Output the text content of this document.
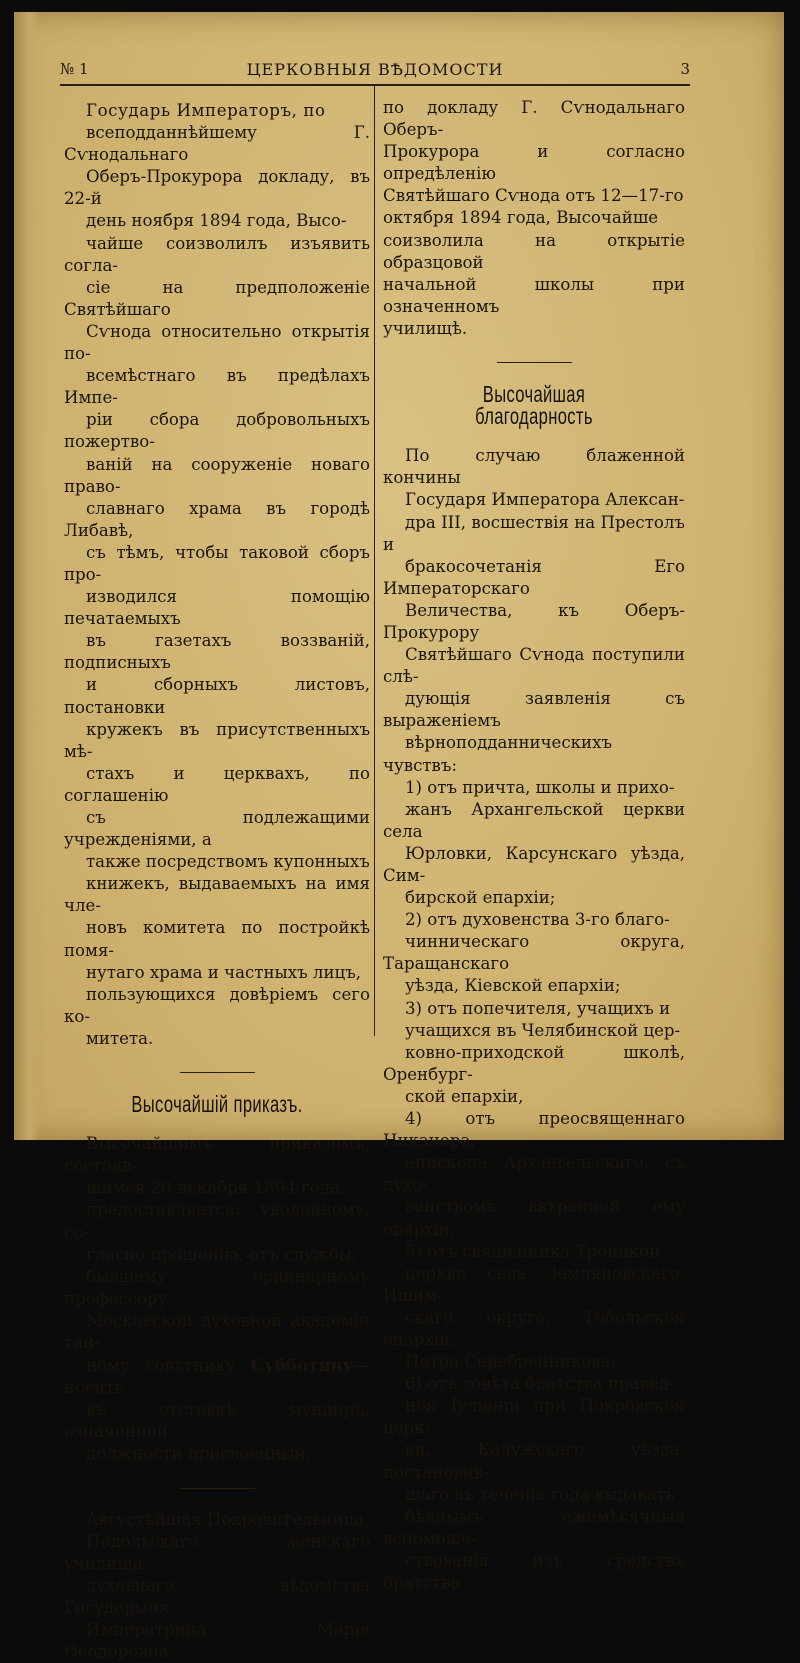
№ 1	ЦЕРКОВНЫЯ ВѢДОМОСТИ	3

Государь Императоръ, по
всеподданнѣйшему Г. Сѵнодальнаго
Оберъ-Прокурора докладу, въ 22-й
день ноября 1894 года, Высо-
чайше соизволилъ изъявить согла-
сіе на предположеніе Святѣйшаго
Сѵнода относительно открытія по-
всемѣстнаго въ предѣлахъ Импе-
ріи сбора добровольныхъ пожертво-
ваній на сооруженіе новаго право-
славнаго храма въ городѣ Либавѣ,
съ тѣмъ, чтобы таковой сборъ про-
изводился помощію печатаемыхъ
въ газетахъ воззваній, подписныхъ
и сборныхъ листовъ, постановки
кружекъ въ присутственныхъ мѣ-
стахъ и церквахъ, по соглашенію
съ подлежащими учрежденіями, а
также посредствомъ купонныхъ
книжекъ, выдаваемыхъ на имя чле-
новъ комитета по постройкѣ помя-
нутаго храма и частныхъ лицъ,
пользующихся довѣріемъ сего ко-
митета.

Высочайшій приказъ.

Высочайшимъ приказомъ, состояв-
шимся 20 декабря 1894 года,
предоставляется: уволенному, со-
гласно прошенію, отъ службы,
бывшему ординарному профессору
Московской духовной академіи тай-
ному совѣтнику Субботину—носить
въ отставкѣ мундиръ, означенной
должности присвоенный.

Августѣйшая Покровительница
Подольскаго женскаго училища
духовнаго вѣдомства Государыня
Императрица Марія Ѳеодоровна,

по докладу Г. Сѵнодальнаго Оберъ-
Прокурора и согласно опредѣленію
Святѣйшаго Сѵнода отъ 12—17-го
октября 1894 года, Высочайше
соизволила на открытіе образцовой
начальной школы при означенномъ
училищѣ.

Высочайшая благодарность

По случаю блаженной кончины
Государя Императора Алексан-
дра III, восшествія на Престолъ и
бракосочетанія Его Императорскаго
Величества, къ Оберъ-Прокурору
Святѣйшаго Сѵнода поступили слѣ-
дующія заявленія съ выраженіемъ
вѣрноподданническихъ чувствъ:
1) отъ причта, школы и прихо-
жанъ Архангельской церкви села
Юрловки, Карсунскаго уѣзда, Сим-
бирской епархіи;
2) отъ духовенства 3-го благо-
чинническаго округа, Таращанскаго
уѣзда, Кіевской епархіи;
3) отъ попечителя, учащихъ и
учащихся въ Челябинской цер-
ковно-приходской школѣ, Оренбург-
ской епархіи,
4) отъ преосвященнаго Никанора,
епископа Архангельскаго, съ духо-
венствомъ ввѣренной ему епархіи;
5) отъ священника Троицкой
церкви села Земляновскаго, Ишим-
скаго округа, Тобольской епархіи,
Петра Серебренникова;
6) отъ совѣта братства правед-
ной Іуліаніи при Покровской церк-
ви, Калужскаго уѣзда, постановив-
шаго въ теченіе года выдавать
бѣднымъ ежемѣсячныя вспомоще-
ствованія изъ средствъ братства
